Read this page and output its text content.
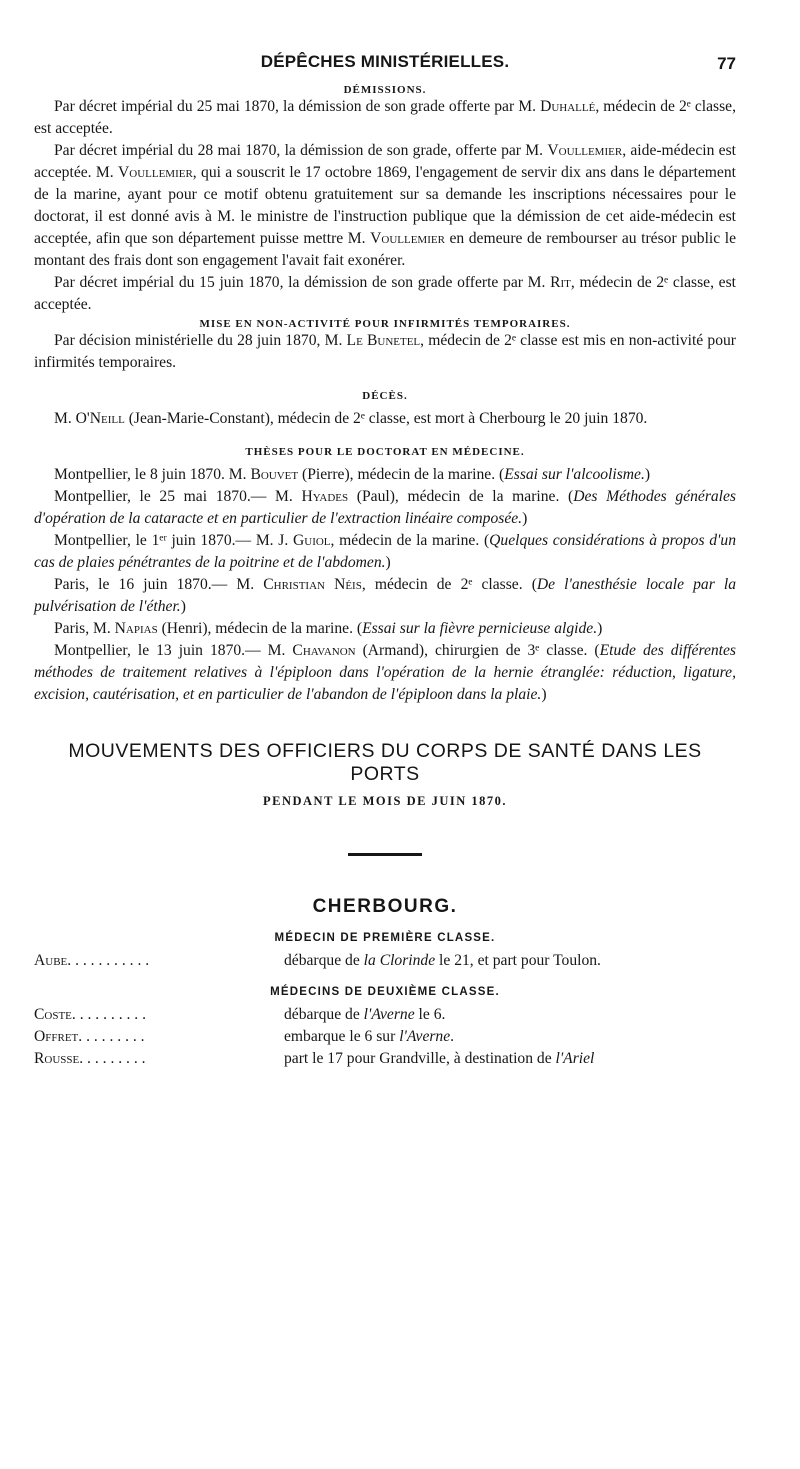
DÉPÊCHES MINISTÉRIELLES.	77
DÉMISSIONS.

Par décret impérial du 25 mai 1870, la démission de son grade offerte par M. Duhallé, médecin de 2ᵉ classe, est acceptée.

Par décret impérial du 28 mai 1870, la démission de son grade, offerte par M. Voullemier, aide-médecin est acceptée. M. Voullemier, qui a souscrit le 17 octobre 1869, l'engagement de servir dix ans dans le département de la marine, ayant pour ce motif obtenu gratuitement sur sa demande les inscriptions nécessaires pour le doctorat, il est donné avis à M. le ministre de l'instruction publique que la démission de cet aide-médecin est acceptée, afin que son département puisse mettre M. Voullemier en demeure de rembourser au trésor public le montant des frais dont son engagement l'avait fait exonérer.

Par décret impérial du 15 juin 1870, la démission de son grade offerte par M. Rit, médecin de 2ᵉ classe, est acceptée.

MISE EN NON-ACTIVITÉ POUR INFIRMITÉS TEMPORAIRES.

Par décision ministérielle du 28 juin 1870, M. Le Bunetel, médecin de 2ᵉ classe est mis en non-activité pour infirmités temporaires.

DÉCÈS.

M. O'Neill (Jean-Marie-Constant), médecin de 2ᵉ classe, est mort à Cherbourg le 20 juin 1870.

THÈSES POUR LE DOCTORAT EN MÉDECINE.

Montpellier, le 8 juin 1870. M. Bouvet (Pierre), médecin de la marine. (Essai sur l'alcoolisme.)

Montpellier, le 25 mai 1870.— M. Hyades (Paul), médecin de la marine. (Des Méthodes générales d'opération de la cataracte et en particulier de l'extraction linéaire composée.)

Montpellier, le 1ᵉʳ juin 1870.— M. J. Guiol, médecin de la marine. (Quelques considérations à propos d'un cas de plaies pénétrantes de la poitrine et de l'abdomen.)

Paris, le 16 juin 1870.— M. Christian Néis, médecin de 2ᵉ classe. (De l'anesthésie locale par la pulvérisation de l'éther.)

Paris, M. Napias (Henri), médecin de la marine. (Essai sur la fièvre pernicieuse algide.)

Montpellier, le 13 juin 1870.— M. Chavanon (Armand), chirurgien de 3ᵉ classe. (Etude des différentes méthodes de traitement relatives à l'épiploon dans l'opération de la hernie étranglée: réduction, ligature, excision, cautérisation, et en particulier de l'abandon de l'épiploon dans la plaie.)

MOUVEMENTS DES OFFICIERS DU CORPS DE SANTÉ DANS LES PORTS
PENDANT LE MOIS DE JUIN 1870.
CHERBOURG.
MÉDECIN DE PREMIÈRE CLASSE.
Aube. . . . . . . . . . .	débarque de la Clorinde le 21, et part pour Toulon.
MÉDECINS DE DEUXIÈME CLASSE.
Coste. . . . . . . . . .	débarque de l'Averne le 6.
Offret. . . . . . . . .	embarque le 6 sur l'Averne.
Rousse. . . . . . . . .	part le 17 pour Grandville, à destination de l'Ariel
